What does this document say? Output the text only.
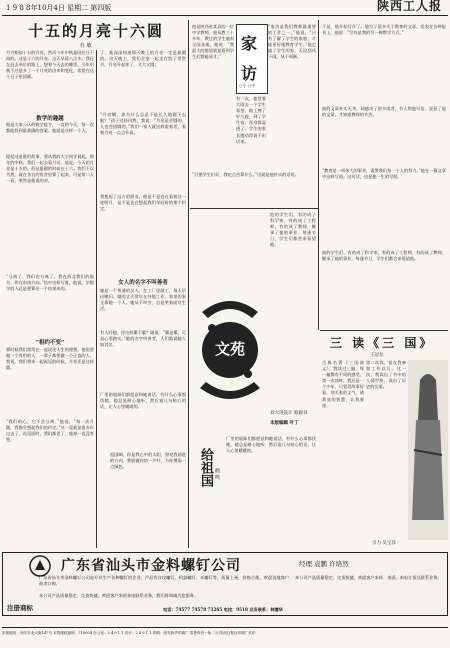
1 9 8 8年10月4日 星期二 第四版	陕西工人报
十五的月亮十六圆
杜 敏
月月相似十五的月亮，然而今年中秋是同往日不同的。这是十六的月亮。这天早晨八点多，我还在赶去单位的路上，想着今天去的哪里，今年中秋不过是多了一个月亮的由来和变化，希望在这个日子里团圆。
数学的趣题
他是大家公认的数学能手，一直到今天，每一次都能找到最准确的答案。他就是这样一个人。
提起这是谁的故事，要从我的大学同学说起。那年的中秋，我们一起去看月亮。他说，今天的月亮是十五的，但是最圆的时候在十六。我们不以为然，就在各自的宿舍里算了起来，可是第二天一看，果然是他说的对。
“分离了，我们也分离了。我在西北我们的地方，你在东南方向。”信中这样写着，他说，学数学的人总是要算出一个结果来的。
“相约不变”
那时候我们常常在一起谈论人生的理想。他说要做一个有用的人，一辈子都要做一个正直的人。我说，我们将来一起再见的时候，月亮还是这样圆。
“我们的心，它不会分离。”他说，“每一次月圆，我都会想起我们的约定。”这一晃就是很多年过去了，再见面时，我们都老了，他却一直没有变。
了，他深深知道那天晚上的月亮一定是最圆的。这天晚上，我们全家一起坐在院子里赏月，月亮升起来了，又大又圆。
“月亮啊，你为什么总是不能长久地圆下去呢？”孩子这样问我，我说：“月亮是会圆的，人也会团圆的。”我们一家人就这样说着话，看着月亮一点点升高。
我想起了远方的朋友，他是不是也在看着这一轮明月，是不是也在想起我们年轻时的那个约定。
女人的名字不叫善者
她是一个普通的女人，在工厂里做工，每天早出晚归。她的丈夫常年在外地工作，家里的事全靠她一个人。她从不叫苦，总是笑着面对生活。
有人问她，你这样累不累？她说：“累是累，可是心里踏实。”她的名字叫善者，人们都说她人如其名。
厂里的姐妹们都愿意和她说话，有什么心事都找她。她总是耐心地听，然后说几句贴心的话，让人心里暖暖的。
家
访
○小 ○中
他是陕西省某县的一位中学教师，他从教三十多年，教过的学生遍布全国各地，他说：“我最大的愿望就是看到学生们都能成才。”
“家访是我们教师最重要的工作之一。”他说，“只有了解了学生的家庭，才能更好地教育学生。”他走遍了学生的家，无论刮风下雨，从不间断。
有一次，他冒着大雨去一个学生家里，路上摔了好几跤，到了学生家，浑身都湿透了。学生的家长感动得说不出话来。
“只要学生们好，我吃点苦算什么。”这就是他朴实的话语。
于是，他开始写作了。他写了很多关于教育的文章，发表在各种报刊上。他说：“写作是我的另一种教学方式。”
他的文章朴实无华，却感动了很多读者。有人给他写信，说看了他的文章，才知道教师的辛苦。
“教育是一项伟大的事业，需要我们每一个人的努力。”他在一篇文章中这样写道。这句话，也是他一生的写照。
他的学生们，有的成了科学家，有的成了工程师，有的成了教师，继承了他的事业。每逢节日，学生们都会来看望他。
文苑
刘大进设计 韩毅书
本版编辑 叶丁
他的学生们，有的成了科学家，有的成了工程师，有的成了教师，继承了他的事业。每逢节日，学生们都会来看望他。
祖国啊，你是我心中的太阳，照亮我前进的方向。我愿做你的一片叶，为你增添一点绿色。	给祖国 鹤 鸣
厂里的姐妹们都愿意和她说话，有什么心事都找她。她总是耐心地听，然后说几句贴心的话，让人心里暖暖的。
三 读《三 国》
王冠龙
古典名著《三国演义》，我读过三遍，每一遍都有不同的感受。第一次读时，我还是一个少年，只觉得故事好看，刘关张的义气，诸葛亮的智慧，让我着迷。
第二次读，是在我参加工作以后。这一次，我读出了书中的人情世故，读出了历史的沉重。
引力 吴宝泽
广东省汕头市金料螺钉公司	经理 袁鹏 许培然
广东省汕头市金料螺钉公司是专业生产各种螺钉的企业，产品有自攻螺钉、机器螺钉、木螺钉等，质量上乘，价格合理，欢迎各地客户前来订购。
本公司产品质量稳定，交货快捷。欢迎客户来函来电联系业务，我们将竭诚为您服务。
注册商标
本公司产品质量稳定，交货快捷，欢迎客户来样、来函、来电订货及联系业务。
电话：74577 74578 73265 电挂：9518 业务联系：林捷华
本报地址：西安市北大街147号 本报邮政编码：710004 办公室：2 4 9 1 1 发行：2 4 9 1 1 印刷：西安新华印刷厂 零售每份一角二分 陕西日报社印刷厂代印
